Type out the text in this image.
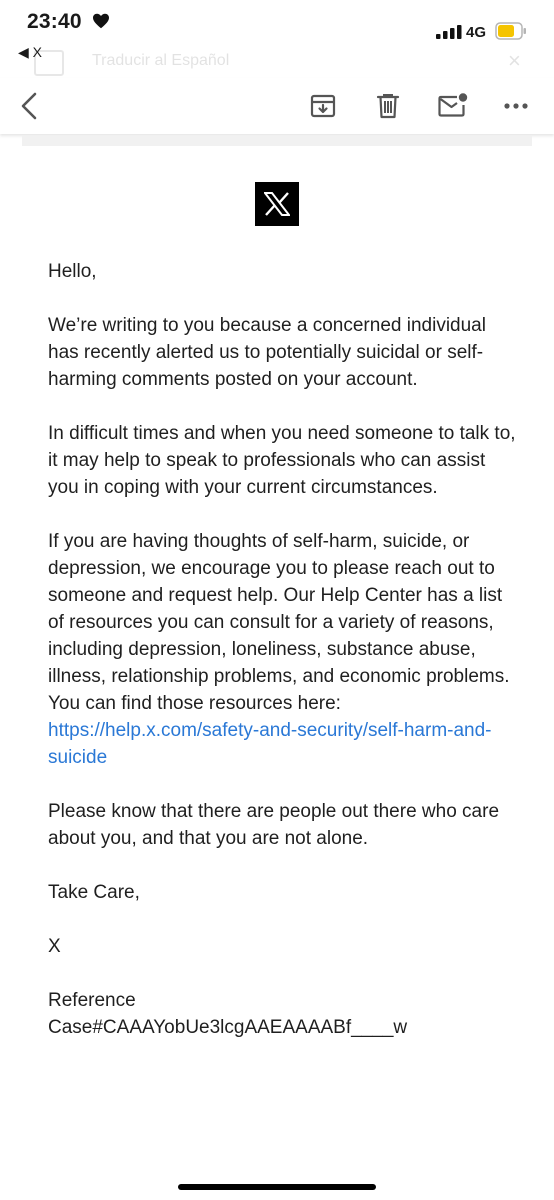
23:40
◀ X
4G
Traducir al Español	×

Hello,

We’re writing to you because a concerned individual has recently alerted us to potentially suicidal or self-harming comments posted on your account.

In difficult times and when you need someone to talk to, it may help to speak to professionals who can assist you in coping with your current circumstances.

If you are having thoughts of self-harm, suicide, or depression, we encourage you to please reach out to someone and request help. Our Help Center has a list of resources you can consult for a variety of reasons, including depression, loneliness, substance abuse, illness, relationship problems, and economic problems. You can find those resources here: https://help.x.com/safety-and-security/self-harm-and-suicide

Please know that there are people out there who care about you, and that you are not alone.

Take Care,

X

Reference
Case#CAAAYobUe3lcgAAEAAAABf____w
